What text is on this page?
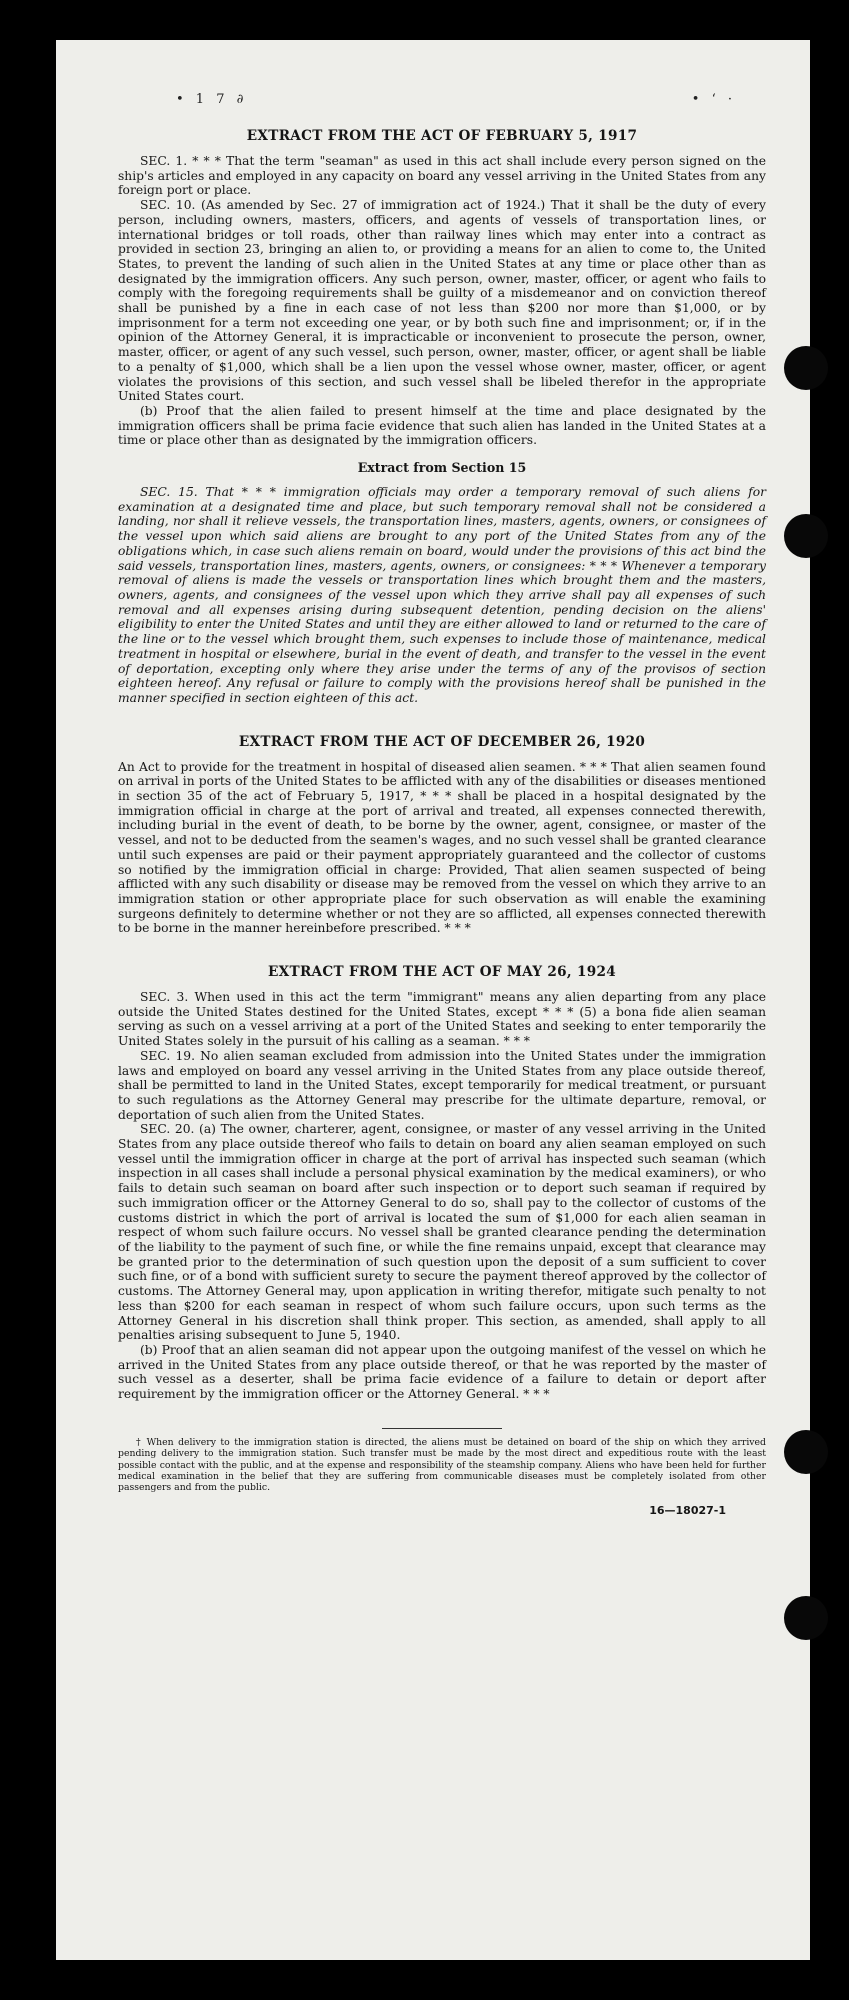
• 1 7 ∂	• ‘ ·
EXTRACT FROM THE ACT OF FEBRUARY 5, 1917

SEC. 1. * * * That the term "seaman" as used in this act shall include every person signed on the ship's articles and employed in any capacity on board any vessel arriving in the United States from any foreign port or place.

SEC. 10. (As amended by Sec. 27 of immigration act of 1924.) That it shall be the duty of every person, including owners, masters, officers, and agents of vessels of transportation lines, or international bridges or toll roads, other than railway lines which may enter into a contract as provided in section 23, bringing an alien to, or providing a means for an alien to come to, the United States, to prevent the landing of such alien in the United States at any time or place other than as designated by the immigration officers. Any such person, owner, master, officer, or agent who fails to comply with the foregoing requirements shall be guilty of a misdemeanor and on conviction thereof shall be punished by a fine in each case of not less than $200 nor more than $1,000, or by imprisonment for a term not exceeding one year, or by both such fine and imprisonment; or, if in the opinion of the Attorney General, it is impracticable or inconvenient to prosecute the person, owner, master, officer, or agent of any such vessel, such person, owner, master, officer, or agent shall be liable to a penalty of $1,000, which shall be a lien upon the vessel whose owner, master, officer, or agent violates the provisions of this section, and such vessel shall be libeled therefor in the appropriate United States court.

(b) Proof that the alien failed to present himself at the time and place designated by the immigration officers shall be prima facie evidence that such alien has landed in the United States at a time or place other than as designated by the immigration officers.

Extract from Section 15

SEC. 15. That * * * immigration officials may order a temporary removal of such aliens for examination at a designated time and place, but such temporary removal shall not be considered a landing, nor shall it relieve vessels, the transportation lines, masters, agents, owners, or consignees of the vessel upon which said aliens are brought to any port of the United States from any of the obligations which, in case such aliens remain on board, would under the provisions of this act bind the said vessels, transportation lines, masters, agents, owners, or consignees: * * * Whenever a temporary removal of aliens is made the vessels or transportation lines which brought them and the masters, owners, agents, and consignees of the vessel upon which they arrive shall pay all expenses of such removal and all expenses arising during subsequent detention, pending decision on the aliens' eligibility to enter the United States and until they are either allowed to land or returned to the care of the line or to the vessel which brought them, such expenses to include those of maintenance, medical treatment in hospital or elsewhere, burial in the event of death, and transfer to the vessel in the event of deportation, excepting only where they arise under the terms of any of the provisos of section eighteen hereof. Any refusal or failure to comply with the provisions hereof shall be punished in the manner specified in section eighteen of this act.

EXTRACT FROM THE ACT OF DECEMBER 26, 1920

An Act to provide for the treatment in hospital of diseased alien seamen. * * * That alien seamen found on arrival in ports of the United States to be afflicted with any of the disabilities or diseases mentioned in section 35 of the act of February 5, 1917, * * * shall be placed in a hospital designated by the immigration official in charge at the port of arrival and treated, all expenses connected therewith, including burial in the event of death, to be borne by the owner, agent, consignee, or master of the vessel, and not to be deducted from the seamen's wages, and no such vessel shall be granted clearance until such expenses are paid or their payment appropriately guaranteed and the collector of customs so notified by the immigration official in charge: Provided, That alien seamen suspected of being afflicted with any such disability or disease may be removed from the vessel on which they arrive to an immigration station or other appropriate place for such observation as will enable the examining surgeons definitely to determine whether or not they are so afflicted, all expenses connected therewith to be borne in the manner hereinbefore prescribed. * * *

EXTRACT FROM THE ACT OF MAY 26, 1924

SEC. 3. When used in this act the term "immigrant" means any alien departing from any place outside the United States destined for the United States, except * * * (5) a bona fide alien seaman serving as such on a vessel arriving at a port of the United States and seeking to enter temporarily the United States solely in the pursuit of his calling as a seaman. * * *

SEC. 19. No alien seaman excluded from admission into the United States under the immigration laws and employed on board any vessel arriving in the United States from any place outside thereof, shall be permitted to land in the United States, except temporarily for medical treatment, or pursuant to such regulations as the Attorney General may prescribe for the ultimate departure, removal, or deportation of such alien from the United States.

SEC. 20. (a) The owner, charterer, agent, consignee, or master of any vessel arriving in the United States from any place outside thereof who fails to detain on board any alien seaman employed on such vessel until the immigration officer in charge at the port of arrival has inspected such seaman (which inspection in all cases shall include a personal physical examination by the medical examiners), or who fails to detain such seaman on board after such inspection or to deport such seaman if required by such immigration officer or the Attorney General to do so, shall pay to the collector of customs of the customs district in which the port of arrival is located the sum of $1,000 for each alien seaman in respect of whom such failure occurs. No vessel shall be granted clearance pending the determination of the liability to the payment of such fine, or while the fine remains unpaid, except that clearance may be granted prior to the determination of such question upon the deposit of a sum sufficient to cover such fine, or of a bond with sufficient surety to secure the payment thereof approved by the collector of customs. The Attorney General may, upon application in writing therefor, mitigate such penalty to not less than $200 for each seaman in respect of whom such failure occurs, upon such terms as the Attorney General in his discretion shall think proper. This section, as amended, shall apply to all penalties arising subsequent to June 5, 1940.

(b) Proof that an alien seaman did not appear upon the outgoing manifest of the vessel on which he arrived in the United States from any place outside thereof, or that he was reported by the master of such vessel as a deserter, shall be prima facie evidence of a failure to detain or deport after requirement by the immigration officer or the Attorney General. * * *

† When delivery to the immigration station is directed, the aliens must be detained on board of the ship on which they arrived pending delivery to the immigration station. Such transfer must be made by the most direct and expeditious route with the least possible contact with the public, and at the expense and responsibility of the steamship company. Aliens who have been held for further medical examination in the belief that they are suffering from communicable diseases must be completely isolated from other passengers and from the public.

16—18027-1
